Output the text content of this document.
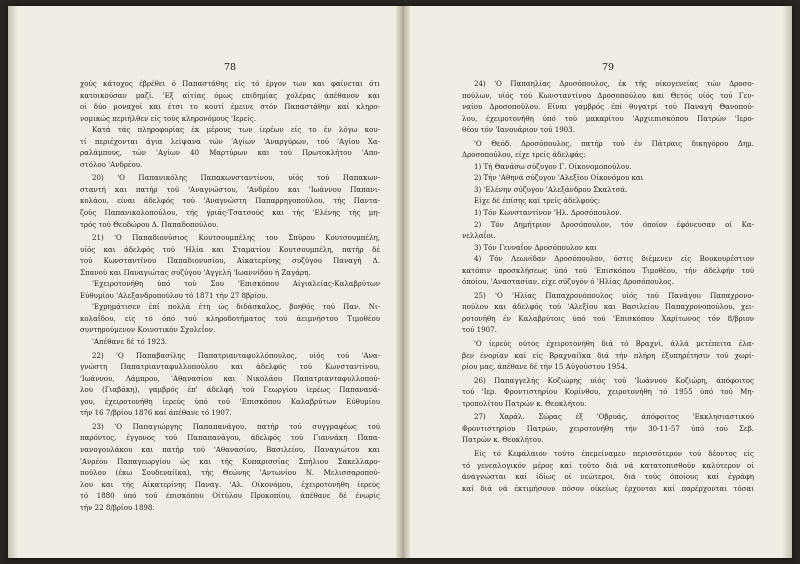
78
χούς κάτοχος έβρέθει ό Παπαστάθης είς τό έργον των και φαίνεται ότι
κατοικούσαν μαζί. 'Εξ αίτίας όμως επιδημίας χολέρας άπέθανον και
οί δύο μοναχοί και έτσι το κουτί έμεινε στόν Παπαστάθην καί κληρο-
νομικώς περιήλθεν είς τούς κληρονόμους 'Ιερείς.
Κατά τάς πληροφορίας έκ μέρους των ίερέων είς το έν λόγω κου-
τί περιέχονται άγια λείψανα τών 'Αγίων 'Αναργύρων, τού 'Αγίου Χα-
ραλάμπους, τών 'Αγίων 40 Μαρτύρων και τού Πρωτοκλήτου 'Απο-
στόλου 'Ανδρέου.
20) 'Ο Παπανικόλης Παπακωνσταντίνου, υίός τού Παπακων-
σταντή και πατήρ τού 'Αναγνώστου, 'Ανδρέου και 'Ιωάννου Παπανι-
κολάου, είναι άδελφός τού 'Αναγνώστη Παπαρρηγοπούλου, τής Παντα-
ζούς Παπανικολοπούλου, τής γριάς-Τσατσούς και τής 'Ελένης τής μη-
τρός τού Θεοδώρου Δ. Παπαδοπούλου.
21) 'Ο Παπαδιονύσιος Κουτσουμπέλης του Σπύρου Κουτσουμπέλη,
υίός και άδελφός τού 'Ηλία και Σταματίου Κουτσουμπέλη, πατήρ δέ
τού Κωνσταντίνου Παπαδιονυσίου, Αίκατερίνης συζύγου Παναγή Δ.
Σπανού και Παναγιώτας συζύγου 'Αγγελή 'Ιωαννίδου ή Ζαγάρη.
'Εχειροτονήθη ύπό τού Σου 'Επισκόπου Αίγιαλείας-Καλαβρύτων
Εύθυμίου 'Αλεξανδροπούλου τό 1871 τήν 27 8βρίου.
'Εχρημάτισεν έπί πολλά έτη ώς διδάσκαλος, βοηθός τού Παν. Νι-
κολαΐδου, είς τό όπό τού κληροδοτήματος τού άειμνήστου Τιμοθέου
συντηρούμενον Κοινοτικόν Σχολεΐον.
'Απέθανε δέ τό 1923.
22) 'Ο Παπαβασίλης Παπατριανταφυλλόπουλος, υίός τού 'Ανα-
γνώστη Παπατριανταφυλλοπούλου και άδελφός τού Κωνσταντίνου,
'Ιωάννου, Λάμπρου, 'Αθανασίου και Νικολάου Παπατριανταφυλλοπού-
λου (Γιαβάκη), γαμβρός έπ' άδελφή τού Γεωργίου ίερέως Παπανανά-
γου, έχειροτονήθη ίερεύς ύπό τού 'Επισκόπου Καλαβρύτων Εύθυμίου
τήν 16 7/βρίου 1876 καί άπέθανε τό 1907.
23) 'Ο Παπαγιώργης Παπαπανάγου, πατήρ τού συγγραφέως τού
παρόντος, έγγονος τού Παπαπανάγου, άδελφός τού Γιαννάκη Παπα-
νανογουλάκου και πατήρ τού 'Αθανασίου, Βασιλείου, Παναγιώτου και
'Ανρέου Παπαγεωργίου ώς και τής Κυπαρισσίας Σπήλιου Σακελλαρο-
πούλου (έκω Σουδεναίϊκα), τής Θεώνης 'Αντωνίου Ν. Μελισσαροπού-
λου και τής Αίκατερίνης Παναγ. 'Αλ. Οίκονόμου, έχειροτονήθη ίερεύς
τό 1880 ύπό τού έπισκόπου Οίτύλου Προκοπίου, άπέθανε δέ ένωρίς
τήν 22 8/βρίου 1898.
79
24) 'Ο Παπαηλίας Δροσόπουλος, έκ τής οίκογενείας τών Δροσο-
πούλων, υίός τού Κωνσταντίνου Δροσοπούλου και Θετός υίός τού Γεν-
ναίου Δροσοπούλου. Είναι γαμβρός έπί θυγατρί τού Παναγή Θανοπού-
λου, έχειροτονήθη ύπό τού μακαρίτου 'Αρχιεπισκόπου Πατρών 'Ιερο-
θέου τόν 'Ιανουάριον τού 1903.
'Ο Θεόδ. Δροσόπουλος, πατήρ τού έν Πάτραις δικηγόρου Δημ.
Δροσοπούλου, είχε τρείς άδελφάς:
1) Τή Θανάσω σύζυγον Γ. Οίκονομοπούλου.
2) Τήν 'Αθηνά σύζυγον 'Αλεξίου Οίκονόμου και
3) 'Ελένην σύζυγον 'Αλεξάνδρου Σκαλτσά.
Είχε δέ έπίσης καί τρείς άδελφούς:
1) Τόν Κωνσταντίνον 'Ηλ. Δροσόπουλον.
2) Τόν Δημήτριον Δροσόπουλον, τόν όποίον έφόνευσαν οί Κα-
νελλαΐοι.
3) Τόν Γενναΐον Δροσόπουλον και
4) Τόν Λεωνίδαν Δροσόπουλον, όστις διέμενεν είς Βουκουρέστιον
κατόπιν προσκλήσεως ύπό τού 'Επισκόπου Τιμοθέου, τήν άδελφήν τού
όποίου, 'Αναστασίαν, είχε σύζυγόν ό 'Ηλίας Δροσόπουλος.
25) 'Ο 'Ηλίας Παπαχρονόπουλος υίός τού Πανάγου Παπαχρονο-
πούλου και άδελφός τού 'Αλεξίου και Βασιλείου Παπαχρονοπούλου, χει-
ροτονήθη έν Καλαβρύτοις ύπό τού 'Επισκόπου Χαρίτωνος τόν 8/βριον
τού 1907.
'Ο ίερεύς ούτος έχειροτονήθη διά τό Βραχνί, άλλά μετέπειτα έλα-
βεν ένορίαν καί είς Βραχναίϊκα διά τήν πλήρη έξυπηρέτησιν τού χωρί-
ρίου μας, άπέθανε δέ τήν 15 Αύγούστου 1954.
26) Παπαγγελής Κοζιώρης υίός τού 'Ιωάννου Κοζιώρη, άπόφοιτος
τού 'Ιερ. Φροντιστηρίου Κορίνθου, χειροτονήθη τό 1955 ύπό τού Μη-
τροπολίτου Πατρών κ. Θεοκλήτου.
27) Χαράλ. Σώρας έξ 'Οβρυάς, άπόφοιτος 'Εκκλησιαστικού
Φροντιστηρίου Πατρών, χειροτονήθη τήν 30-11-57 ύπό τού Σεβ.
Πατρών κ. Θεοκλήτου.
Είς τό Κεφάλαιον τούτο έπεμείναμεν περισσότερον τού δέοντος είς
τό γενεαλογικόν μέρος καί τούτο διά νά κατατοπισθούν καλύτερον οί
άναγνώσται καί ίδίως οί νεώτεροι, διά τούς όποίους καί έγράφη
καί διά νά έκτιμήσουν πόσον οίκείως έρχονται καί παρέρχονται τόσαι
